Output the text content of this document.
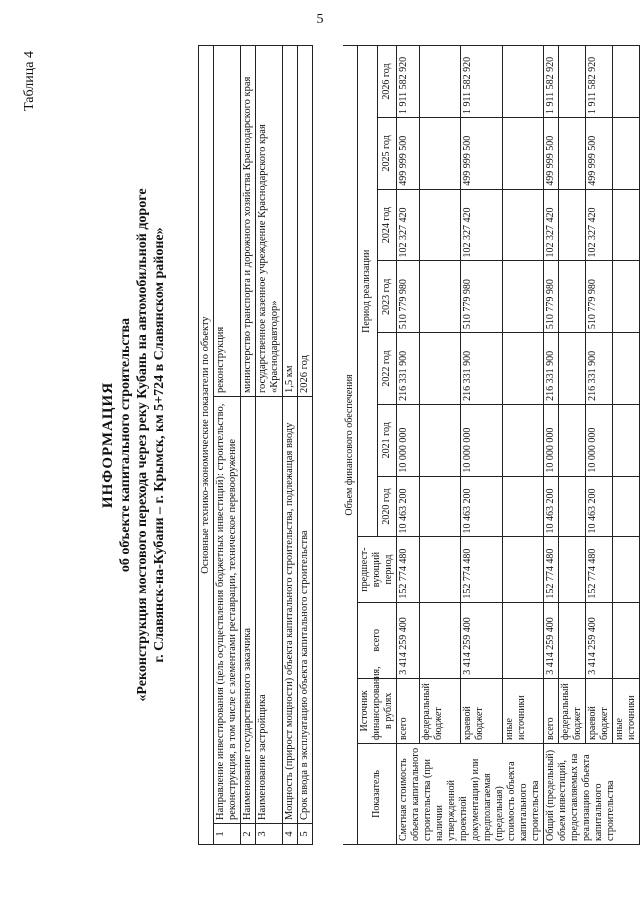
5
Таблица 4
ИНФОРМАЦИЯ об объекте капитального строительства «Реконструкция мостового перехода через реку Кубань на автомобильной дороге г. Славянск-на-Кубани – г. Крымск, км 5+724 в Славянском районе»	Основные технико-экономические показатели по объекту		
1	Направление инвестирования (цель осуществления бюджетных инвестиций): строительство, реконструкция, в том числе с элементами реставрации, техническое перевооружение	реконструкция
2	Наименование государственного заказчика	министерство транспорта и дорожного хозяйства Краснодарского края
3	Наименование застройщика	государственное казенное учреждение Краснодарского края «Краснодаравтодор»
4	Мощность (прирост мощности) объекта капитального строительства, подлежащая вводу	1,5 км
5	Срок ввода в эксплуатацию объекта капитального строительства	2026 год
Объем финансового обеспечения										
Показатель	Источник финансирования, в рублях	всего	предшест-вующий период	Период реализации						
				2020 год	2021 год	2022 год	2023 год	2024 год	2025 год	2026 год
Сметная стоимость объекта капитального строительства (при наличии утвержденной проектной документации) или предполагаемая (предельная) стоимость объекта капитального строительства	всего	3 414 259 400	152 774 480	10 463 200	10 000 000	216 331 900	510 779 980	102 327 420	499 999 500	1 911 582 920
	федеральный бюджет									
	краевой бюджет	3 414 259 400	152 774 480	10 463 200	10 000 000	216 331 900	510 779 980	102 327 420	499 999 500	1 911 582 920
	иные источники									
Общий (предельный) объем инвестиций, предоставляемых на реализацию объекта капитального строительства	всего	3 414 259 400	152 774 480	10 463 200	10 000 000	216 331 900	510 779 980	102 327 420	499 999 500	1 911 582 920
	федеральный бюджет									
	краевой бюджет	3 414 259 400	152 774 480	10 463 200	10 000 000	216 331 900	510 779 980	102 327 420	499 999 500	1 911 582 920
	иные источники									
